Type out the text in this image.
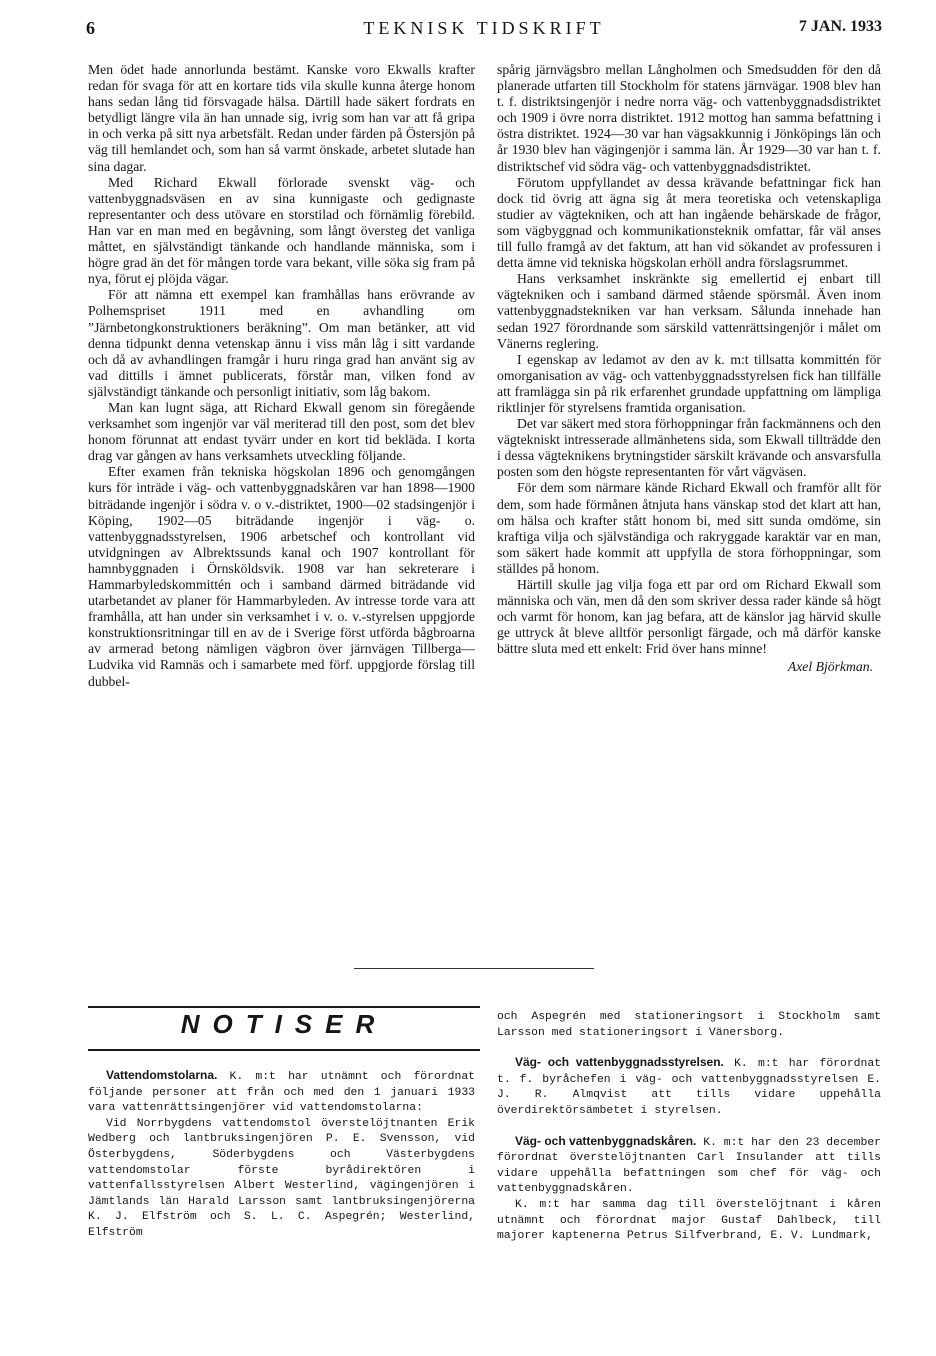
6	TEKNISK TIDSKRIFT	7 JAN. 1933

Men ödet hade annorlunda bestämt. Kanske voro Ekwalls krafter redan för svaga för att en kortare tids vila skulle kunna återge honom hans sedan lång tid försvagade hälsa. Därtill hade säkert fordrats en betydligt längre vila än han unnade sig, ivrig som han var att få gripa in och verka på sitt nya arbetsfält. Redan under färden på Östersjön på väg till hemlandet och, som han så varmt önskade, arbetet slutade han sina dagar.

Med Richard Ekwall förlorade svenskt väg- och vattenbyggnadsväsen en av sina kunnigaste och gedignaste representanter och dess utövare en storstilad och förnämlig förebild. Han var en man med en begåvning, som långt översteg det vanliga måttet, en självständigt tänkande och handlande människa, som i högre grad än det för mången torde vara bekant, ville söka sig fram på nya, förut ej plöjda vägar.

För att nämna ett exempel kan framhållas hans erövrande av Polhemspriset 1911 med en avhandling om ”Järnbetongkonstruktioners beräkning”. Om man betänker, att vid denna tidpunkt denna vetenskap ännu i viss mån låg i sitt vardande och då av avhandlingen framgår i huru ringa grad han använt sig av vad dittills i ämnet publicerats, förstår man, vilken fond av självständigt tänkande och personligt initiativ, som låg bakom.

Man kan lugnt säga, att Richard Ekwall genom sin föregående verksamhet som ingenjör var väl meriterad till den post, som det blev honom förunnat att endast tyvärr under en kort tid bekläda. I korta drag var gången av hans verksamhets utveckling följande.

Efter examen från tekniska högskolan 1896 och genomgången kurs för inträde i väg- och vattenbyggnadskåren var han 1898—1900 biträdande ingenjör i södra v. o v.-distriktet, 1900—02 stadsingenjör i Köping, 1902—05 biträdande ingenjör i väg- o. vattenbyggnadsstyrelsen, 1906 arbetschef och kontrollant vid utvidgningen av Albrektssunds kanal och 1907 kontrollant för hamnbyggnaden i Örnsköldsvik. 1908 var han sekreterare i Hammarbyledskommittén och i samband därmed biträdande vid utarbetandet av planer för Hammarbyleden. Av intresse torde vara att framhålla, att han under sin verksamhet i v. o. v.-styrelsen uppgjorde konstruktionsritningar till en av de i Sverige först utförda bågbroarna av armerad betong nämligen vägbron över järnvägen Tillberga—Ludvika vid Ramnäs och i samarbete med förf. uppgjorde förslag till dubbel-

spårig järnvägsbro mellan Långholmen och Smedsudden för den då planerade utfarten till Stockholm för statens järnvägar. 1908 blev han t. f. distriktsingenjör i nedre norra väg- och vattenbyggnadsdistriktet och 1909 i övre norra distriktet. 1912 mottog han samma befattning i östra distriktet. 1924—30 var han vägsakkunnig i Jönköpings län och år 1930 blev han vägingenjör i samma län. År 1929—30 var han t. f. distriktschef vid södra väg- och vattenbyggnadsdistriktet.

Förutom uppfyllandet av dessa krävande befattningar fick han dock tid övrig att ägna sig åt mera teoretiska och vetenskapliga studier av vägtekniken, och att han ingående behärskade de frågor, som vägbyggnad och kommunikationsteknik omfattar, får väl anses till fullo framgå av det faktum, att han vid sökandet av professuren i detta ämne vid tekniska högskolan erhöll andra förslagsrummet.

Hans verksamhet inskränkte sig emellertid ej enbart till vägtekniken och i samband därmed stående spörsmål. Även inom vattenbyggnadstekniken var han verksam. Sålunda innehade han sedan 1927 förordnande som särskild vattenrättsingenjör i målet om Vänerns reglering.

I egenskap av ledamot av den av k. m:t tillsatta kommittén för omorganisation av väg- och vattenbyggnadsstyrelsen fick han tillfälle att framlägga sin på rik erfarenhet grundade uppfattning om lämpliga riktlinjer för styrelsens framtida organisation.

Det var säkert med stora förhoppningar från fackmännens och den vägtekniskt intresserade allmänhetens sida, som Ekwall tillträdde den i dessa vägteknikens brytningstider särskilt krävande och ansvarsfulla posten som den högste representanten för vårt vägväsen.

För dem som närmare kände Richard Ekwall och framför allt för dem, som hade förmånen åtnjuta hans vänskap stod det klart att han, om hälsa och krafter stått honom bi, med sitt sunda omdöme, sin kraftiga vilja och självständiga och rakryggade karaktär var en man, som säkert hade kommit att uppfylla de stora förhoppningar, som ställdes på honom.

Härtill skulle jag vilja foga ett par ord om Richard Ekwall som människa och vän, men då den som skriver dessa rader kände så högt och varmt för honom, kan jag befara, att de känslor jag härvid skulle ge uttryck åt bleve alltför personligt färgade, och må därför kanske bättre sluta med ett enkelt: Frid över hans minne!

Axel Björkman.
NOTISER

Vattendomstolarna. K. m:t har utnämnt och förordnat följande personer att från och med den 1 januari 1933 vara vattenrättsingenjörer vid vattendomstolarna:

Vid Norrbygdens vattendomstol överstelöjtnanten Erik Wedberg och lantbruksingenjören P. E. Svensson, vid Österbygdens, Söderbygdens och Västerbygdens vattendomstolar förste byrådirektören i vattenfallsstyrelsen Albert Westerlind, vägingenjören i Jämtlands län Harald Larsson samt lantbruksingenjörerna K. J. Elfström och S. L. C. Aspegrén; Westerlind, Elfström

och Aspegrén med stationeringsort i Stockholm samt Larsson med stationeringsort i Vänersborg.

Väg- och vattenbyggnadsstyrelsen. K. m:t har förordnat t. f. byråchefen i väg- och vattenbyggnadsstyrelsen E. J. R. Almqvist att tills vidare uppehålla överdirektörsämbetet i styrelsen.

Väg- och vattenbyggnadskåren. K. m:t har den 23 december förordnat överstelöjtnanten Carl Insulander att tills vidare uppehålla befattningen som chef för väg- och vattenbyggnadskåren.

K. m:t har samma dag till överstelöjtnant i kåren utnämnt och förordnat major Gustaf Dahlbeck, till majorer kaptenerna Petrus Silfverbrand, E. V. Lundmark,
